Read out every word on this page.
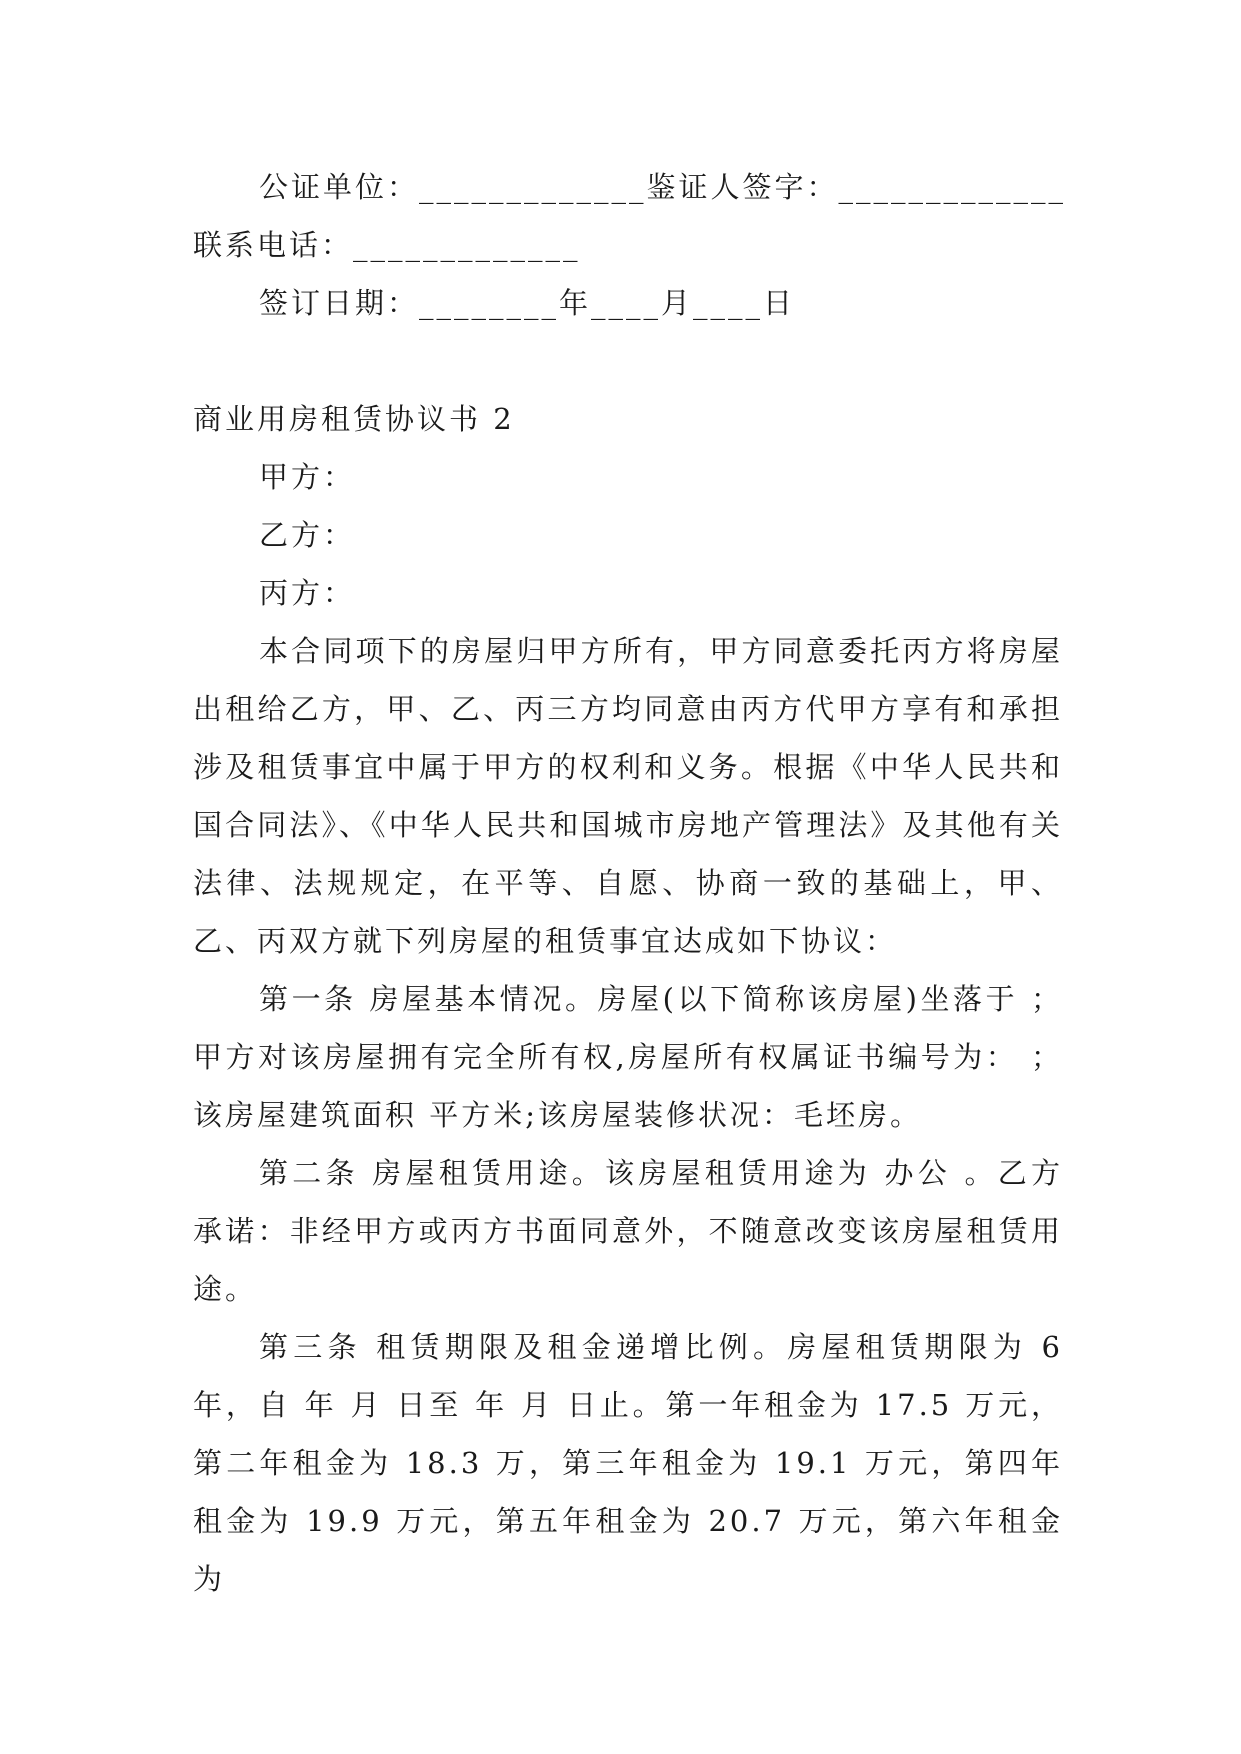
公证单位：_____________鉴证人签字：_____________
联系电话：_____________
签订日期：________年____月____日
商业用房租赁协议书 2
甲方：
乙方：
丙方：

本合同项下的房屋归甲方所有，甲方同意委托丙方将房屋出租给乙方，甲、乙、丙三方均同意由丙方代甲方享有和承担涉及租赁事宜中属于甲方的权利和义务。根据《中华人民共和国合同法》、《中华人民共和国城市房地产管理法》及其他有关法律、法规规定，在平等、自愿、协商一致的基础上，甲、乙、丙双方就下列房屋的租赁事宜达成如下协议：

第一条 房屋基本情况。房屋(以下简称该房屋)坐落于 ；甲方对该房屋拥有完全所有权,房屋所有权属证书编号为： ；该房屋建筑面积 平方米;该房屋装修状况：毛坯房。

第二条 房屋租赁用途。该房屋租赁用途为 办公 。乙方承诺：非经甲方或丙方书面同意外，不随意改变该房屋租赁用途。

第三条 租赁期限及租金递增比例。房屋租赁期限为 6 年，自 年 月 日至 年 月 日止。第一年租金为 17.5 万元，第二年租金为 18.3 万，第三年租金为 19.1 万元，第四年租金为 19.9 万元，第五年租金为 20.7 万元，第六年租金为
